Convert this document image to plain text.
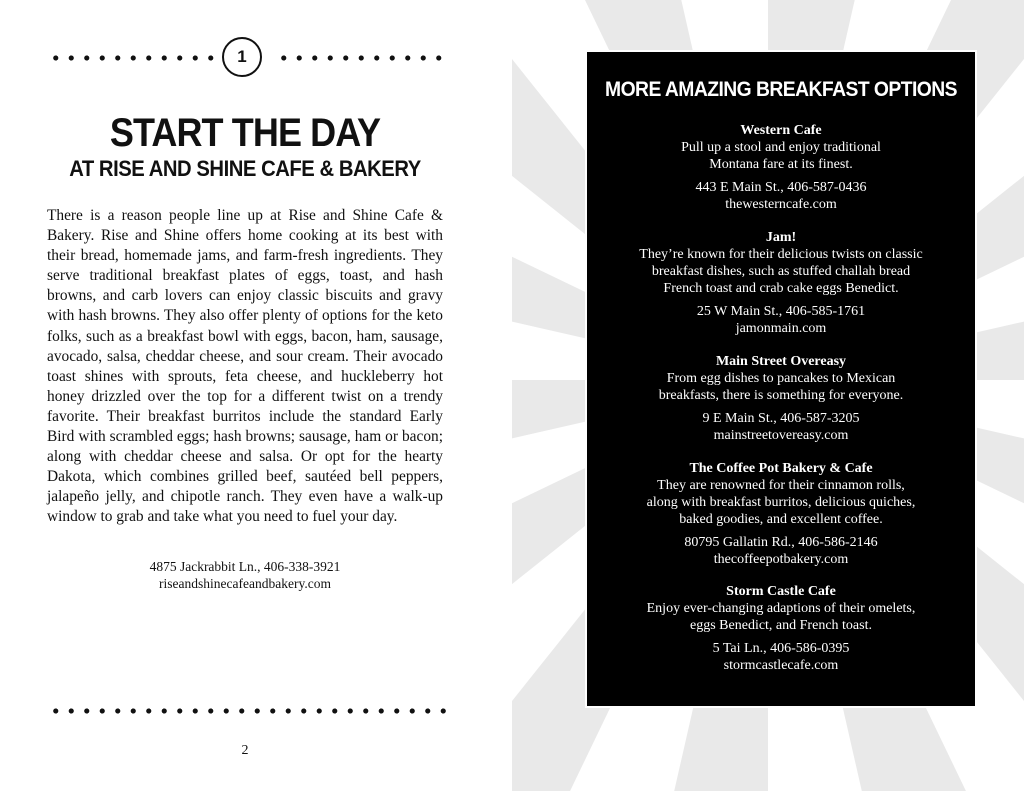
1
START THE DAY
AT RISE AND SHINE CAFE & BAKERY
There is a reason people line up at Rise and Shine Cafe & Bakery. Rise and Shine offers home cooking at its best with their bread, homemade jams, and farm-fresh ingredients. They serve traditional breakfast plates of eggs, toast, and hash browns, and carb lovers can enjoy classic biscuits and gravy with hash browns. They also offer plenty of options for the keto folks, such as a breakfast bowl with eggs, bacon, ham, sausage, avocado, salsa, cheddar cheese, and sour cream. Their avocado toast shines with sprouts, feta cheese, and huckleberry hot honey drizzled over the top for a different twist on a trendy favorite. Their breakfast burritos include the standard Early Bird with scrambled eggs; hash browns; sausage, ham or bacon; along with cheddar cheese and salsa. Or opt for the hearty Dakota, which combines grilled beef, sautéed bell peppers, jalapeño jelly, and chipotle ranch. They even have a walk-up window to grab and take what you need to fuel your day.
4875 Jackrabbit Ln., 406-338-3921
riseandshinecafeandbakery.com
2
MORE AMAZING BREAKFAST OPTIONS
Western Cafe
Pull up a stool and enjoy traditional
Montana fare at its finest.
443 E Main St., 406-587-0436
thewesterncafe.com
Jam!
They’re known for their delicious twists on classic
breakfast dishes, such as stuffed challah bread
French toast and crab cake eggs Benedict.
25 W Main St., 406-585-1761
jamonmain.com
Main Street Overeasy
From egg dishes to pancakes to Mexican
breakfasts, there is something for everyone.
9 E Main St., 406-587-3205
mainstreetovereasy.com
The Coffee Pot Bakery & Cafe
They are renowned for their cinnamon rolls,
along with breakfast burritos, delicious quiches,
baked goodies, and excellent coffee.
80795 Gallatin Rd., 406-586-2146
thecoffeepotbakery.com
Storm Castle Cafe
Enjoy ever-changing adaptions of their omelets,
eggs Benedict, and French toast.
5 Tai Ln., 406-586-0395
stormcastlecafe.com
